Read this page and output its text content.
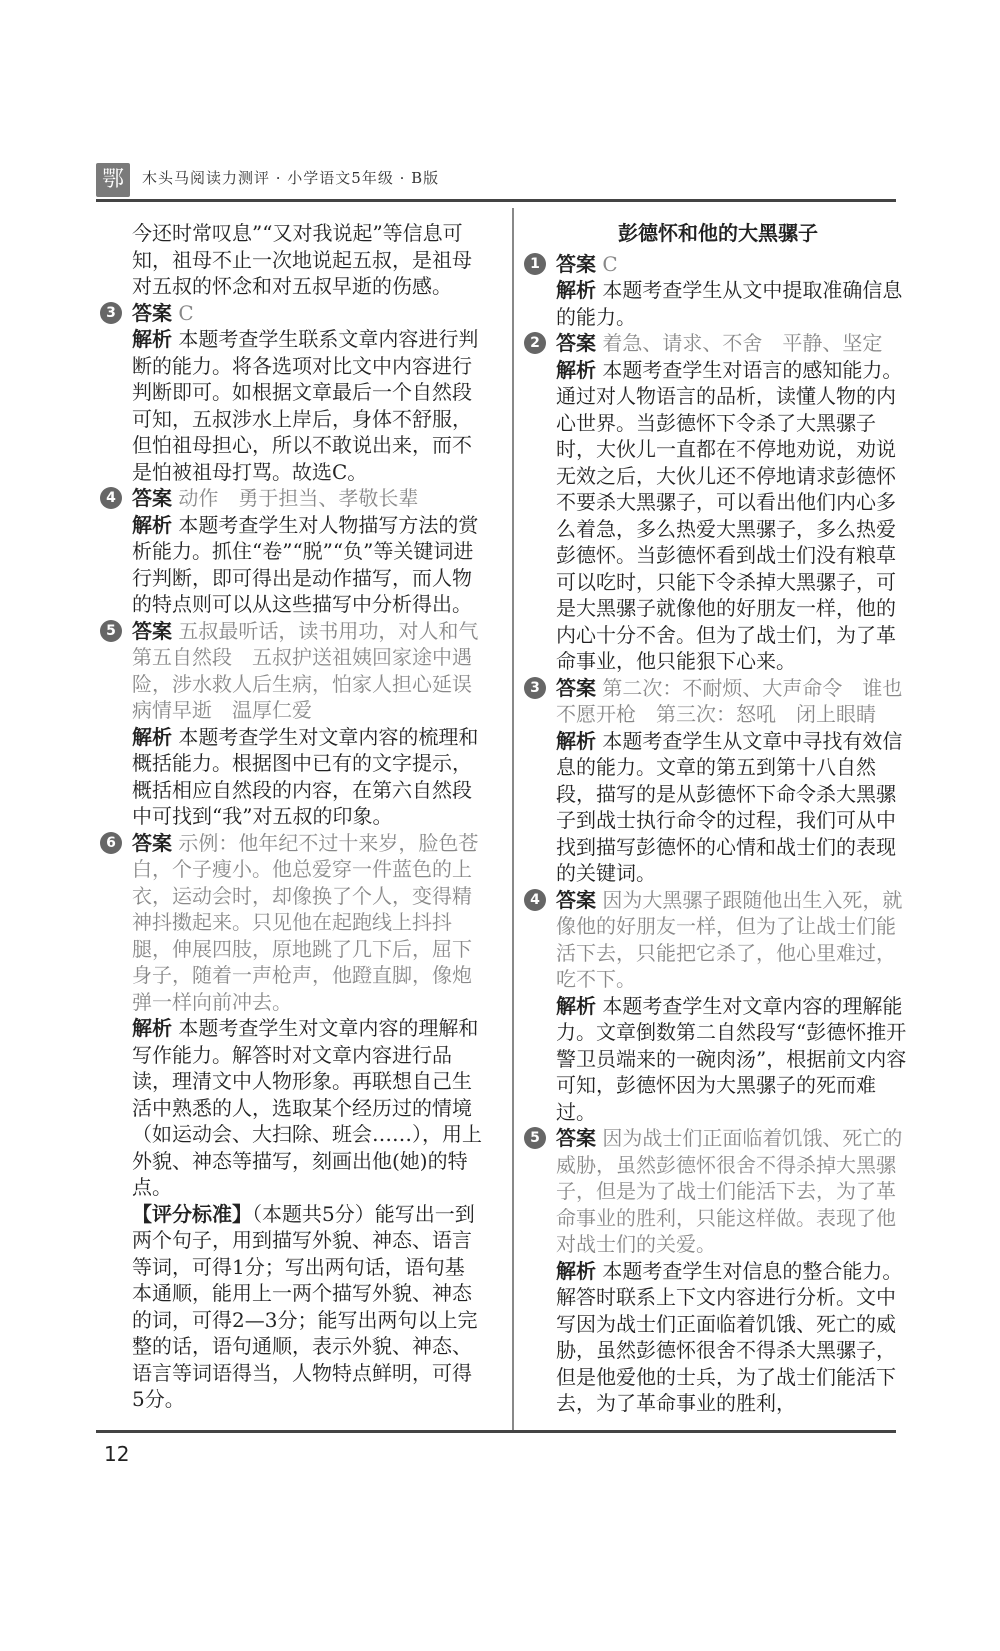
鄂	木头马阅读力测评 · 小学语文5年级 · B版

今还时常叹息”“又对我说起”等信息可知，祖母不止一次地说起五叔，是祖母对五叔的怀念和对五叔早逝的伤感。

3 答案 C

解析 本题考查学生联系文章内容进行判断的能力。将各选项对比文中内容进行判断即可。如根据文章最后一个自然段可知，五叔涉水上岸后，身体不舒服，但怕祖母担心，所以不敢说出来，而不是怕被祖母打骂。故选C。

4 答案 动作　勇于担当、孝敬长辈

解析 本题考查学生对人物描写方法的赏析能力。抓住“卷”“脱”“负”等关键词进行判断，即可得出是动作描写，而人物的特点则可以从这些描写中分析得出。

5 答案 五叔最听话，读书用功，对人和气　第五自然段　五叔护送祖姨回家途中遇险，涉水救人后生病，怕家人担心延误病情早逝　温厚仁爱

解析 本题考查学生对文章内容的梳理和概括能力。根据图中已有的文字提示，概括相应自然段的内容，在第六自然段中可找到“我”对五叔的印象。

6 答案 示例：他年纪不过十来岁，脸色苍白，个子瘦小。他总爱穿一件蓝色的上衣，运动会时，却像换了个人，变得精神抖擞起来。只见他在起跑线上抖抖腿，伸展四肢，原地跳了几下后，屈下身子，随着一声枪声，他蹬直脚，像炮弹一样向前冲去。

解析 本题考查学生对文章内容的理解和写作能力。解答时对文章内容进行品读，理清文中人物形象。再联想自己生活中熟悉的人，选取某个经历过的情境（如运动会、大扫除、班会……），用上外貌、神态等描写，刻画出他(她)的特点。

【评分标准】（本题共5分）能写出一到两个句子，用到描写外貌、神态、语言等词，可得1分；写出两句话，语句基本通顺，能用上一两个描写外貌、神态的词，可得2—3分；能写出两句以上完整的话，语句通顺，表示外貌、神态、语言等词语得当，人物特点鲜明，可得5分。

彭德怀和他的大黑骡子

1 答案 C

解析 本题考查学生从文中提取准确信息的能力。

2 答案 着急、请求、不舍　平静、坚定

解析 本题考查学生对语言的感知能力。通过对人物语言的品析，读懂人物的内心世界。当彭德怀下令杀了大黑骡子时，大伙儿一直都在不停地劝说，劝说无效之后，大伙儿还不停地请求彭德怀不要杀大黑骡子，可以看出他们内心多么着急，多么热爱大黑骡子，多么热爱彭德怀。当彭德怀看到战士们没有粮草可以吃时，只能下令杀掉大黑骡子，可是大黑骡子就像他的好朋友一样，他的内心十分不舍。但为了战士们，为了革命事业，他只能狠下心来。

3 答案 第二次：不耐烦、大声命令　谁也不愿开枪　第三次：怒吼　闭上眼睛

解析 本题考查学生从文章中寻找有效信息的能力。文章的第五到第十八自然段，描写的是从彭德怀下命令杀大黑骡子到战士执行命令的过程，我们可从中找到描写彭德怀的心情和战士们的表现的关键词。

4 答案 因为大黑骡子跟随他出生入死，就像他的好朋友一样，但为了让战士们能活下去，只能把它杀了，他心里难过，吃不下。

解析 本题考查学生对文章内容的理解能力。文章倒数第二自然段写“彭德怀推开警卫员端来的一碗肉汤”，根据前文内容可知，彭德怀因为大黑骡子的死而难过。

5 答案 因为战士们正面临着饥饿、死亡的威胁，虽然彭德怀很舍不得杀掉大黑骡子，但是为了战士们能活下去，为了革命事业的胜利，只能这样做。表现了他对战士们的关爱。

解析 本题考查学生对信息的整合能力。解答时联系上下文内容进行分析。文中写因为战士们正面临着饥饿、死亡的威胁，虽然彭德怀很舍不得杀大黑骡子，但是他爱他的士兵，为了战士们能活下去，为了革命事业的胜利，

12
